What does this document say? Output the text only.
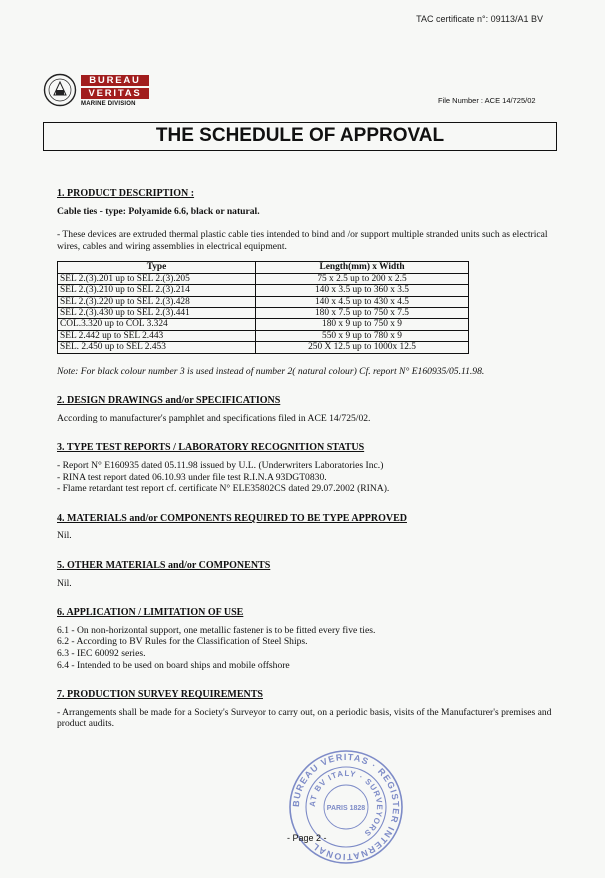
TAC certificate n°: 09113/A1 BV
BUREAU
VERITAS
MARINE DIVISION	File Number : ACE 14/725/02
THE SCHEDULE OF APPROVAL

1. PRODUCT DESCRIPTION :

Cable ties - type: Polyamide 6.6, black or natural.

- These devices are extruded thermal plastic cable ties intended to bind and /or support multiple stranded units such as electrical wires, cables and wiring assemblies in electrical equipment.

Type	Length(mm) x Width
SEL 2.(3).201 up to SEL 2.(3).205	75 x 2.5 up to 200 x 2.5
SEL 2.(3).210 up to SEL 2.(3).214	140 x 3.5 up to 360 x 3.5
SEL 2.(3).220 up to SEL 2.(3).428	140 x 4.5 up to 430 x 4.5
SEL 2.(3).430 up to SEL 2.(3).441	180 x 7.5 up to 750 x 7.5
COL.3.320 up to COL 3.324	180 x 9 up to 750 x 9
SEL 2.442 up to SEL 2.443	550 x 9 up to 780 x 9
SEL. 2.450 up to SEL 2.453	250 X 12.5 up to 1000x 12.5

Note: For black colour number 3 is used instead of number 2( natural colour) Cf. report N° E160935/05.11.98.

2. DESIGN DRAWINGS and/or SPECIFICATIONS

According to manufacturer's pamphlet and specifications filed in ACE 14/725/02.

3. TYPE TEST REPORTS / LABORATORY RECOGNITION STATUS

- Report N° E160935 dated 05.11.98 issued by U.L. (Underwriters Laboratories Inc.)

- RINA test report dated 06.10.93 under file test R.I.N.A 93DGT0830.

- Flame retardant test report cf. certificate N° ELE35802CS dated 29.07.2002 (RINA).

4. MATERIALS and/or COMPONENTS REQUIRED TO BE TYPE APPROVED

Nil.

5. OTHER MATERIALS and/or COMPONENTS

Nil.

6. APPLICATION / LIMITATION OF USE

6.1 - On non-horizontal support, one metallic fastener is to be fitted every five ties.

6.2 - According to BV Rules for the Classification of Steel Ships.

6.3 - IEC 60092 series.

6.4 - Intended to be used on board ships and mobile offshore

7. PRODUCTION SURVEY REQUIREMENTS

- Arrangements shall be made for a Society's Surveyor to carry out, on a periodic basis, visits of the Manufacturer's premises and product audits.

BUREAU VERITAS · REGISTER INTERNATIONAL
AT BV ITALY · SURVEYORS
PARIS 1828
- Page 2 -
